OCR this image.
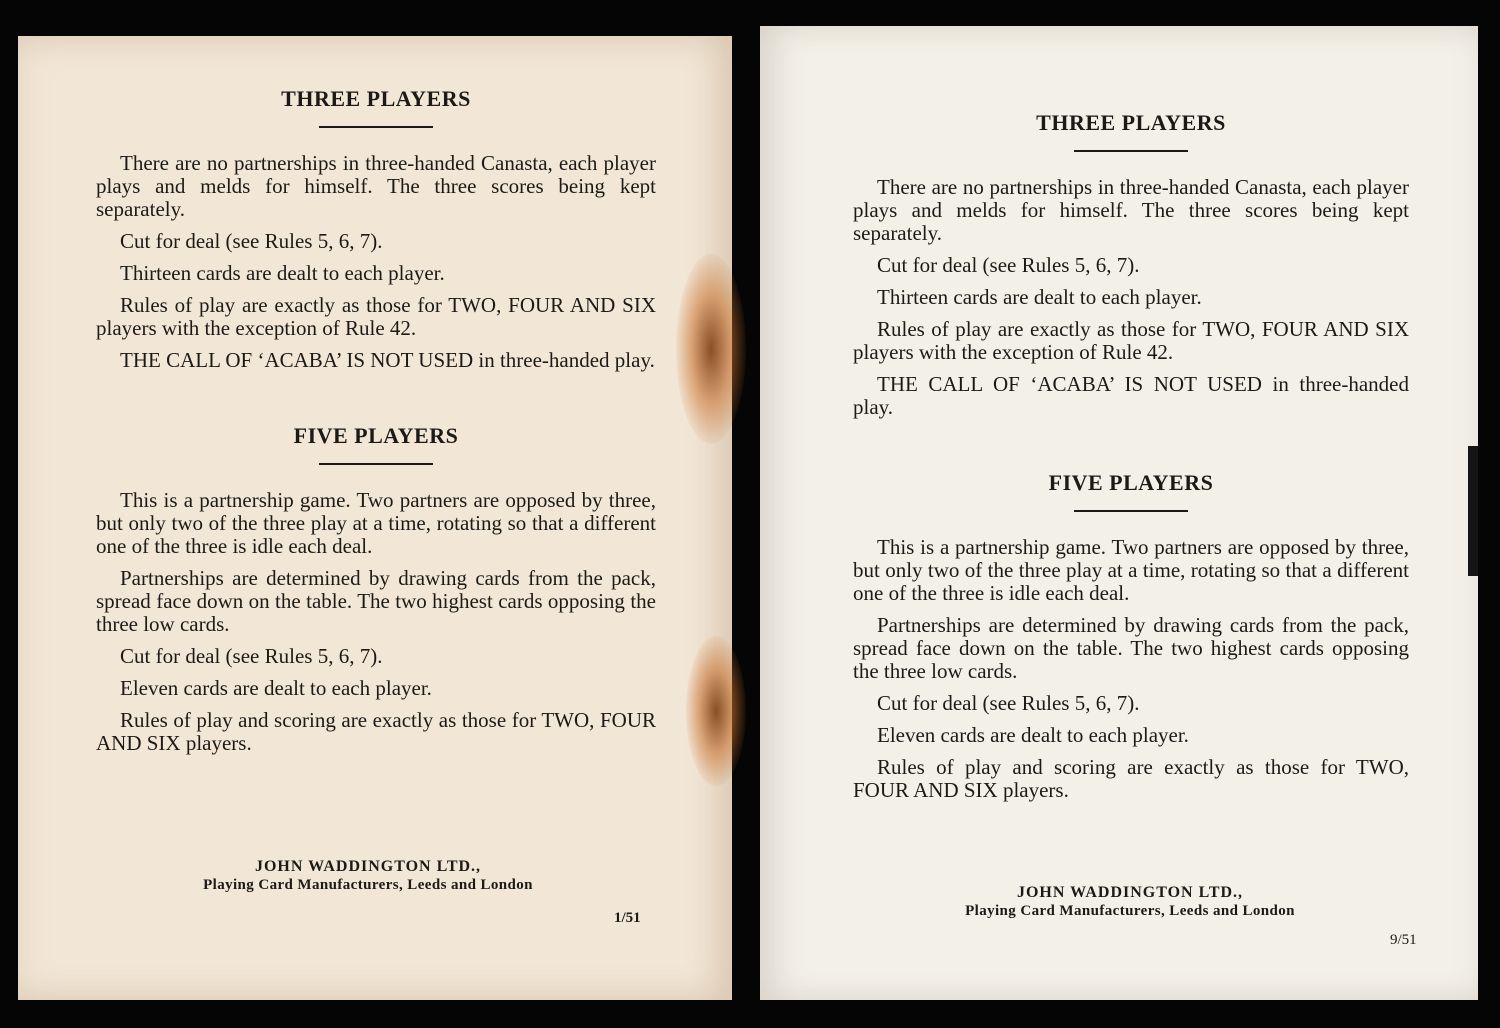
THREE PLAYERS

There are no partnerships in three-handed Canasta, each player plays and melds for himself. The three scores being kept separately.

Cut for deal (see Rules 5, 6, 7).

Thirteen cards are dealt to each player.

Rules of play are exactly as those for TWO, FOUR AND SIX players with the exception of Rule 42.

THE CALL OF ‘ACABA’ IS NOT USED in three-handed play.

FIVE PLAYERS

This is a partnership game. Two partners are opposed by three, but only two of the three play at a time, rotating so that a different one of the three is idle each deal.

Partnerships are determined by drawing cards from the pack, spread face down on the table. The two highest cards opposing the three low cards.

Cut for deal (see Rules 5, 6, 7).

Eleven cards are dealt to each player.

Rules of play and scoring are exactly as those for TWO, FOUR AND SIX players.

JOHN WADDINGTON LTD.,
Playing Card Manufacturers, Leeds and London
1/51
THREE PLAYERS

There are no partnerships in three-handed Canasta, each player plays and melds for himself. The three scores being kept separately.

Cut for deal (see Rules 5, 6, 7).

Thirteen cards are dealt to each player.

Rules of play are exactly as those for TWO, FOUR AND SIX players with the exception of Rule 42.

THE CALL OF ‘ACABA’ IS NOT USED in three-handed play.

FIVE PLAYERS

This is a partnership game. Two partners are opposed by three, but only two of the three play at a time, rotating so that a different one of the three is idle each deal.

Partnerships are determined by drawing cards from the pack, spread face down on the table. The two highest cards opposing the three low cards.

Cut for deal (see Rules 5, 6, 7).

Eleven cards are dealt to each player.

Rules of play and scoring are exactly as those for TWO, FOUR AND SIX players.

JOHN WADDINGTON LTD.,
Playing Card Manufacturers, Leeds and London
9/51
